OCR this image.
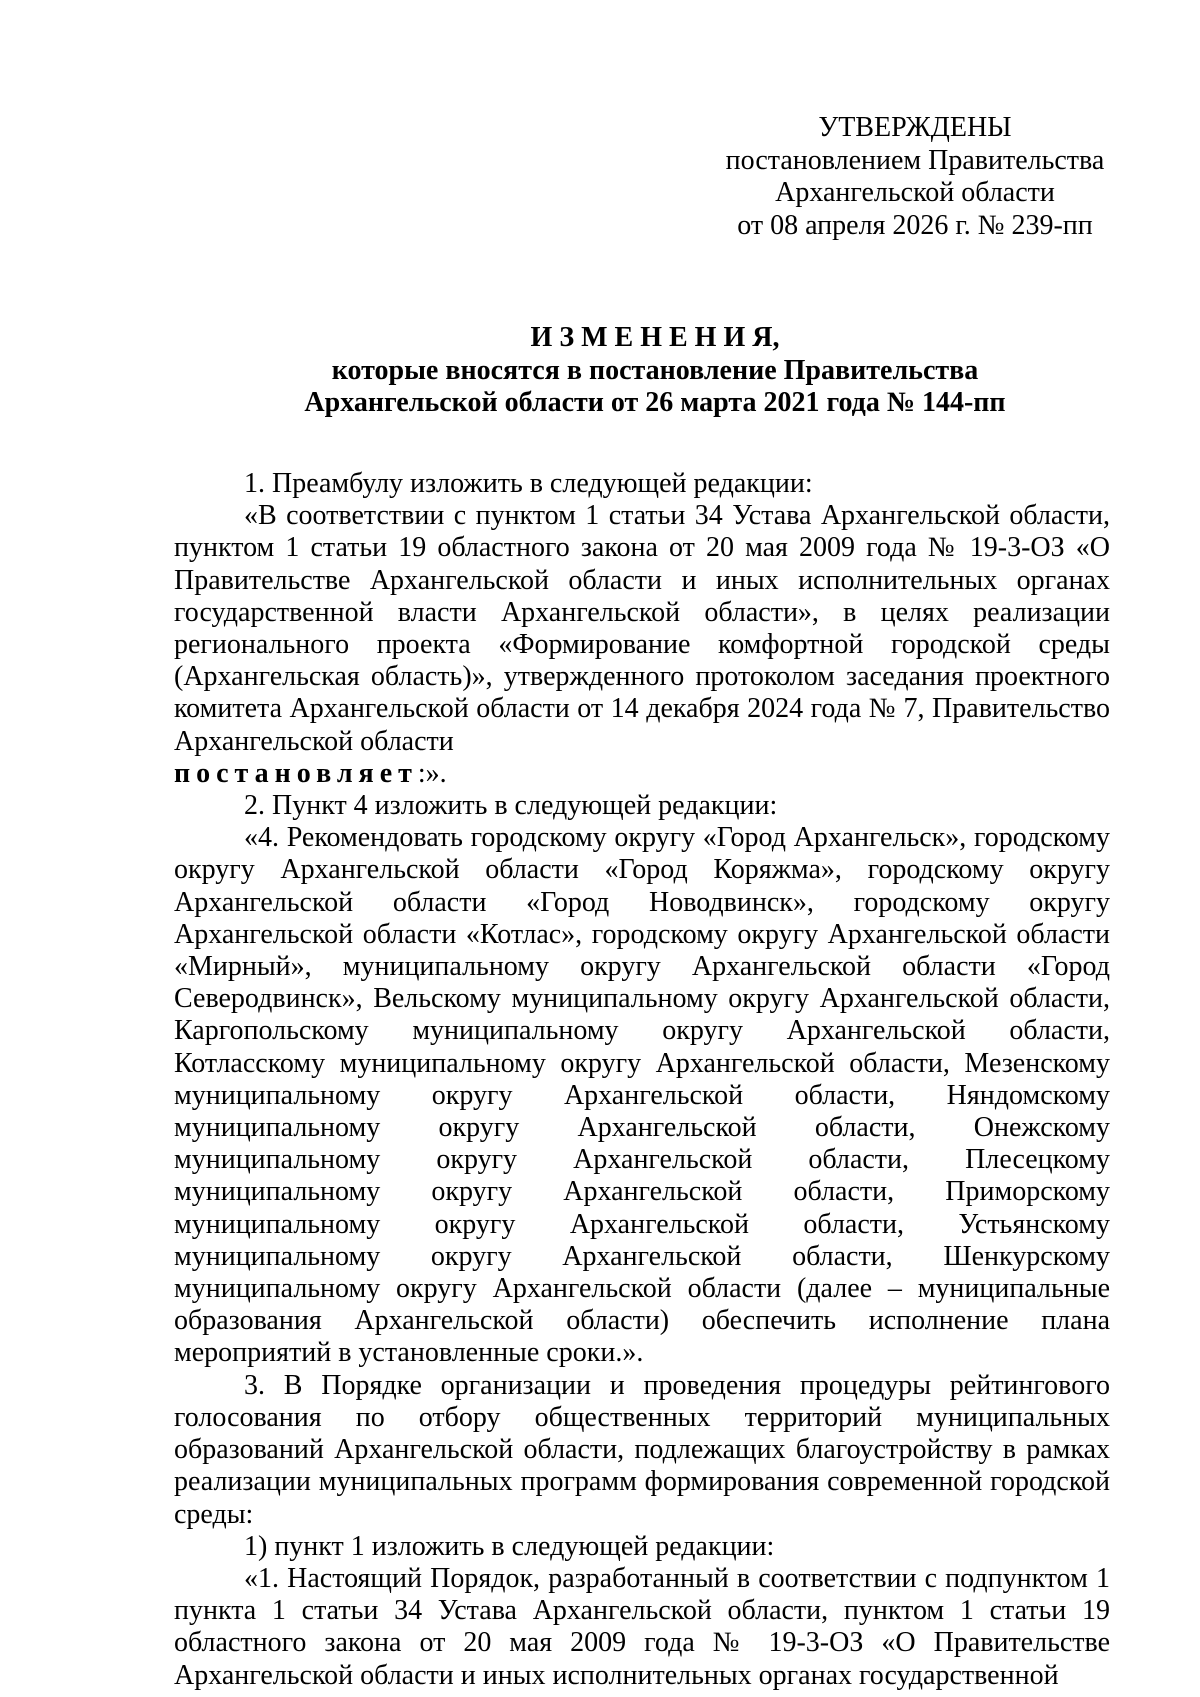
УТВЕРЖДЕНЫ
постановлением Правительства
Архангельской области
от 08 апреля 2026 г. № 239-пп
И З М Е Н Е Н И Я,
которые вносятся в постановление Правительства
Архангельской области от 26 марта 2021 года № 144-пп

1. Преамбулу изложить в следующей редакции:

«В соответствии с пунктом 1 статьи 34 Устава Архангельской области, пунктом 1 статьи 19 областного закона от 20 мая 2009 года № 19-3-ОЗ «О Правительстве Архангельской области и иных исполнительных органах государственной власти Архангельской области», в целях реализации регионального проекта «Формирование комфортной городской среды (Архангельская область)», утвержденного протоколом заседания проектного комитета Архангельской области от 14 декабря 2024 года № 7, Правительство Архангельской области
постановляет:».

2. Пункт 4 изложить в следующей редакции:

«4. Рекомендовать городскому округу «Город Архангельск», городскому округу Архангельской области «Город Коряжма», городскому округу Архангельской области «Город Новодвинск», городскому округу Архангельской области «Котлас», городскому округу Архангельской области «Мирный», муниципальному округу Архангельской области «Город Северодвинск», Вельскому муниципальному округу Архангельской области, Каргопольскому муниципальному округу Архангельской области, Котласскому муниципальному округу Архангельской области, Мезенскому муниципальному округу Архангельской области, Няндомскому муниципальному округу Архангельской области, Онежскому муниципальному округу Архангельской области, Плесецкому муниципальному округу Архангельской области, Приморскому муниципальному округу Архангельской области, Устьянскому муниципальному округу Архангельской области, Шенкурскому муниципальному округу Архангельской области (далее – муниципальные образования Архангельской области) обеспечить исполнение плана мероприятий в установленные сроки.».

3. В Порядке организации и проведения процедуры рейтингового голосования по отбору общественных территорий муниципальных образований Архангельской области, подлежащих благоустройству в рамках реализации муниципальных программ формирования современной городской среды:

1) пункт 1 изложить в следующей редакции:

«1. Настоящий Порядок, разработанный в соответствии с подпунктом 1 пункта 1 статьи 34 Устава Архангельской области, пунктом 1 статьи 19 областного закона от 20 мая 2009 года № 19-3-ОЗ «О Правительстве Архангельской области и иных исполнительных органах государственной
